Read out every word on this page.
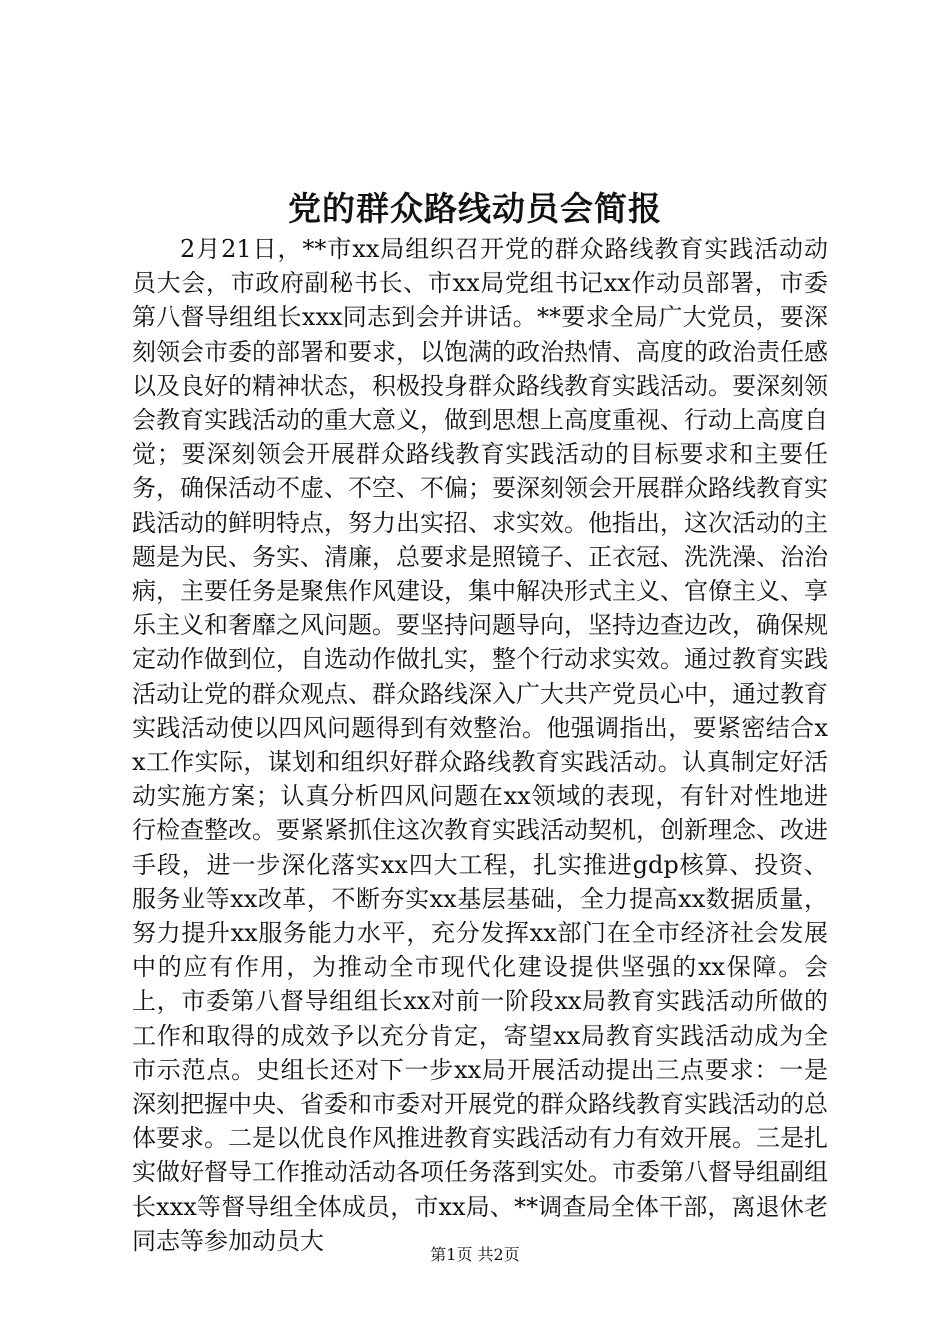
党的群众路线动员会简报

2月21日，**市xx局组织召开党的群众路线教育实践活动动员大会，市政府副秘书长、市xx局党组书记xx作动员部署，市委第八督导组组长xxx同志到会并讲话。**要求全局广大党员，要深刻领会市委的部署和要求，以饱满的政治热情、高度的政治责任感以及良好的精神状态，积极投身群众路线教育实践活动。要深刻领会教育实践活动的重大意义，做到思想上高度重视、行动上高度自觉；要深刻领会开展群众路线教育实践活动的目标要求和主要任务，确保活动不虚、不空、不偏；要深刻领会开展群众路线教育实践活动的鲜明特点，努力出实招、求实效。他指出，这次活动的主题是为民、务实、清廉，总要求是照镜子、正衣冠、洗洗澡、治治病，主要任务是聚焦作风建设，集中解决形式主义、官僚主义、享乐主义和奢靡之风问题。要坚持问题导向，坚持边查边改，确保规定动作做到位，自选动作做扎实，整个行动求实效。通过教育实践活动让党的群众观点、群众路线深入广大共产党员心中，通过教育实践活动使以四风问题得到有效整治。他强调指出，要紧密结合xx工作实际，谋划和组织好群众路线教育实践活动。认真制定好活动实施方案；认真分析四风问题在xx领域的表现，有针对性地进行检查整改。要紧紧抓住这次教育实践活动契机，创新理念、改进手段，进一步深化落实xx四大工程，扎实推进gdp核算、投资、服务业等xx改革，不断夯实xx基层基础，全力提高xx数据质量，努力提升xx服务能力水平，充分发挥xx部门在全市经济社会发展中的应有作用，为推动全市现代化建设提供坚强的xx保障。会上，市委第八督导组组长xx对前一阶段xx局教育实践活动所做的工作和取得的成效予以充分肯定，寄望xx局教育实践活动成为全市示范点。史组长还对下一步xx局开展活动提出三点要求：一是深刻把握中央、省委和市委对开展党的群众路线教育实践活动的总体要求。二是以优良作风推进教育实践活动有力有效开展。三是扎实做好督导工作推动活动各项任务落到实处。市委第八督导组副组长xxx等督导组全体成员，市xx局、**调查局全体干部，离退休老同志等参加动员大	第1页 共2页
